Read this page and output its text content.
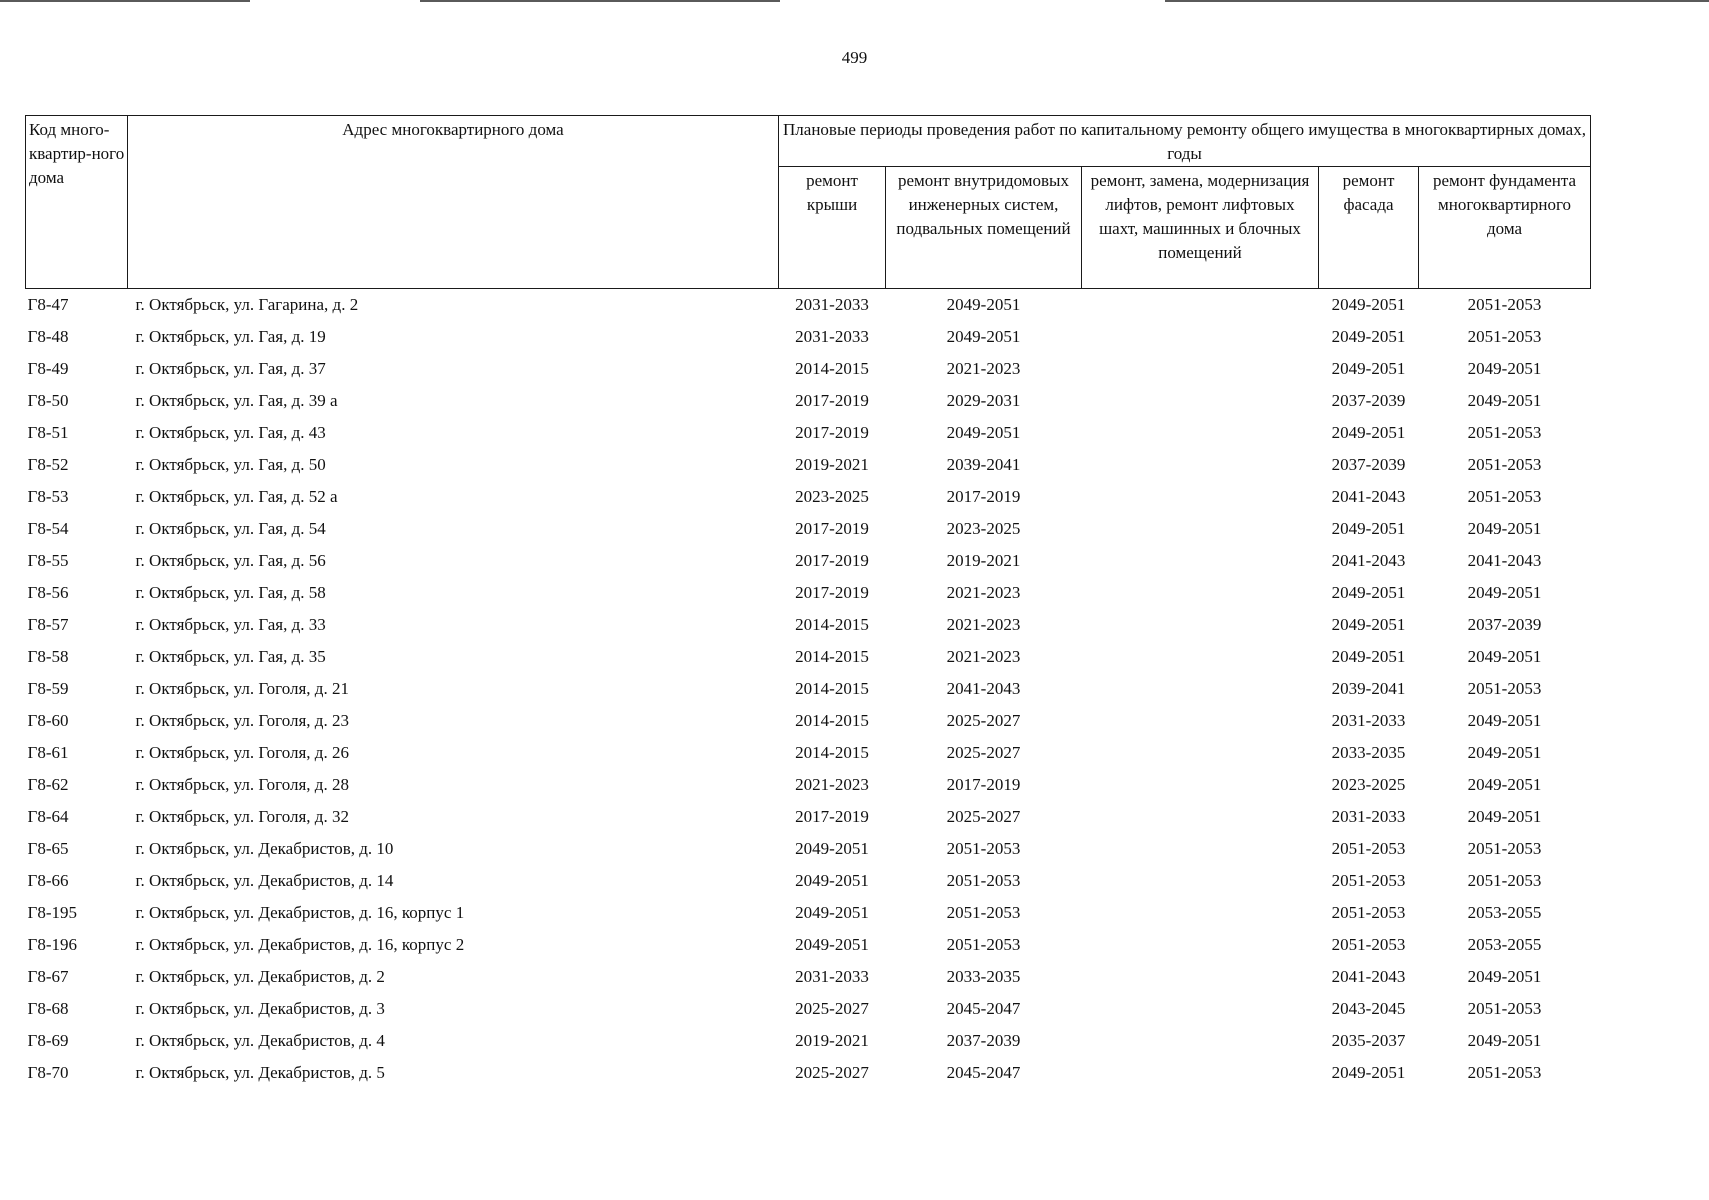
499
Код много-квартир-ного дома	Адрес многоквартирного дома	Плановые периоды проведения работ по капитальному ремонту общего имущества в многоквартирных домах, годы				
		ремонт крыши	ремонт внутридомовых инженерных систем, подвальных помещений	ремонт, замена, модернизация лифтов, ремонт лифтовых шахт, машинных и блочных помещений	ремонт фасада	ремонт фундамента многоквартирного дома
Г8-47	г. Октябрьск, ул. Гагарина, д. 2	2031-2033	2049-2051		2049-2051	2051-2053
Г8-48	г. Октябрьск, ул. Гая, д. 19	2031-2033	2049-2051		2049-2051	2051-2053
Г8-49	г. Октябрьск, ул. Гая, д. 37	2014-2015	2021-2023		2049-2051	2049-2051
Г8-50	г. Октябрьск, ул. Гая, д. 39 а	2017-2019	2029-2031		2037-2039	2049-2051
Г8-51	г. Октябрьск, ул. Гая, д. 43	2017-2019	2049-2051		2049-2051	2051-2053
Г8-52	г. Октябрьск, ул. Гая, д. 50	2019-2021	2039-2041		2037-2039	2051-2053
Г8-53	г. Октябрьск, ул. Гая, д. 52 а	2023-2025	2017-2019		2041-2043	2051-2053
Г8-54	г. Октябрьск, ул. Гая, д. 54	2017-2019	2023-2025		2049-2051	2049-2051
Г8-55	г. Октябрьск, ул. Гая, д. 56	2017-2019	2019-2021		2041-2043	2041-2043
Г8-56	г. Октябрьск, ул. Гая, д. 58	2017-2019	2021-2023		2049-2051	2049-2051
Г8-57	г. Октябрьск, ул. Гая, д. 33	2014-2015	2021-2023		2049-2051	2037-2039
Г8-58	г. Октябрьск, ул. Гая, д. 35	2014-2015	2021-2023		2049-2051	2049-2051
Г8-59	г. Октябрьск, ул. Гоголя, д. 21	2014-2015	2041-2043		2039-2041	2051-2053
Г8-60	г. Октябрьск, ул. Гоголя, д. 23	2014-2015	2025-2027		2031-2033	2049-2051
Г8-61	г. Октябрьск, ул. Гоголя, д. 26	2014-2015	2025-2027		2033-2035	2049-2051
Г8-62	г. Октябрьск, ул. Гоголя, д. 28	2021-2023	2017-2019		2023-2025	2049-2051
Г8-64	г. Октябрьск, ул. Гоголя, д. 32	2017-2019	2025-2027		2031-2033	2049-2051
Г8-65	г. Октябрьск, ул. Декабристов, д. 10	2049-2051	2051-2053		2051-2053	2051-2053
Г8-66	г. Октябрьск, ул. Декабристов, д. 14	2049-2051	2051-2053		2051-2053	2051-2053
Г8-195	г. Октябрьск, ул. Декабристов, д. 16, корпус 1	2049-2051	2051-2053		2051-2053	2053-2055
Г8-196	г. Октябрьск, ул. Декабристов, д. 16, корпус 2	2049-2051	2051-2053		2051-2053	2053-2055
Г8-67	г. Октябрьск, ул. Декабристов, д. 2	2031-2033	2033-2035		2041-2043	2049-2051
Г8-68	г. Октябрьск, ул. Декабристов, д. 3	2025-2027	2045-2047		2043-2045	2051-2053
Г8-69	г. Октябрьск, ул. Декабристов, д. 4	2019-2021	2037-2039		2035-2037	2049-2051
Г8-70	г. Октябрьск, ул. Декабристов, д. 5	2025-2027	2045-2047		2049-2051	2051-2053
